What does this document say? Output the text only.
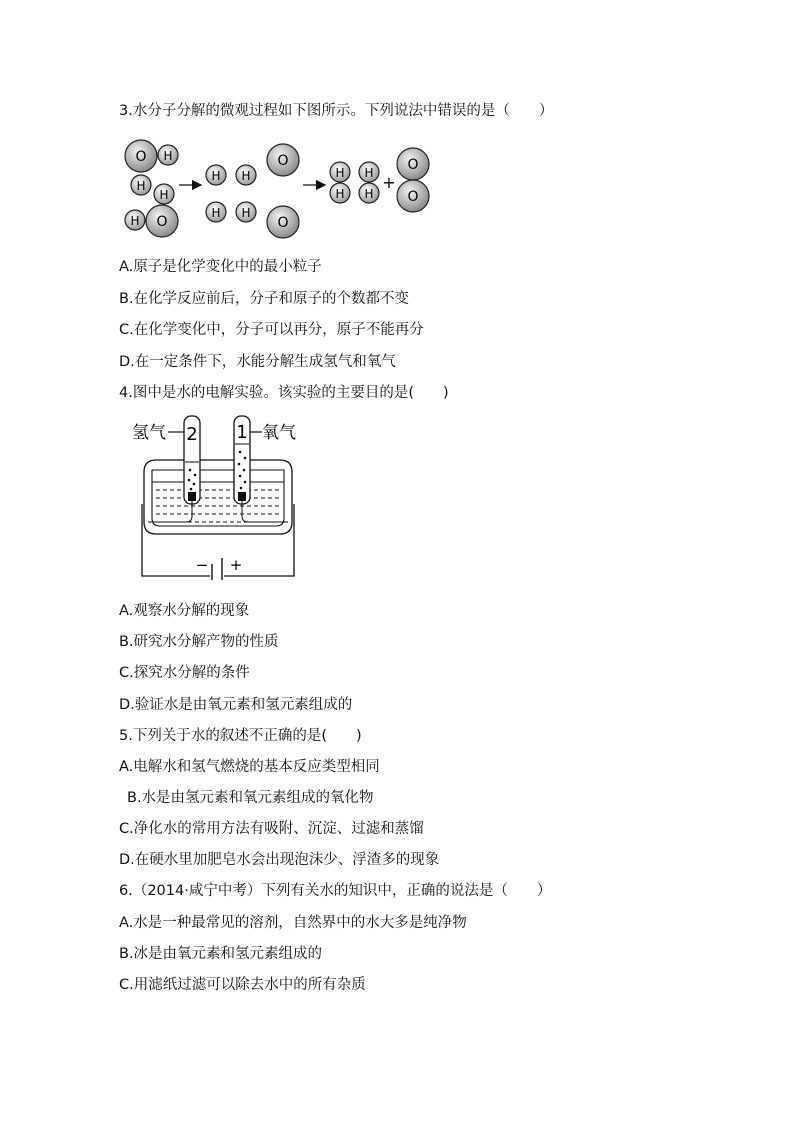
3.水分子分解的微观过程如下图所示。下列说法中错误的是（　　）
O H
H
H
H O
H H
O
H H
O
H
H
H
H
+
O
O
A.原子是化学变化中的最小粒子
B.在化学反应前后，分子和原子的个数都不变
C.在化学变化中，分子可以再分，原子不能再分
D.在一定条件下，水能分解生成氢气和氧气
4.图中是水的电解实验。该实验的主要目的是(　　)
氢气	氧气
2 1
− +
A.观察水分解的现象
B.研究水分解产物的性质
C.探究水分解的条件
D.验证水是由氧元素和氢元素组成的
5.下列关于水的叙述不正确的是(　　)
A.电解水和氢气燃烧的基本反应类型相同
B.水是由氢元素和氧元素组成的氧化物
C.净化水的常用方法有吸附、沉淀、过滤和蒸馏
D.在硬水里加肥皂水会出现泡沫少、浮渣多的现象
6.（2014·咸宁中考）下列有关水的知识中，正确的说法是（　　）
A.水是一种最常见的溶剂，自然界中的水大多是纯净物
B.冰是由氧元素和氢元素组成的
C.用滤纸过滤可以除去水中的所有杂质
